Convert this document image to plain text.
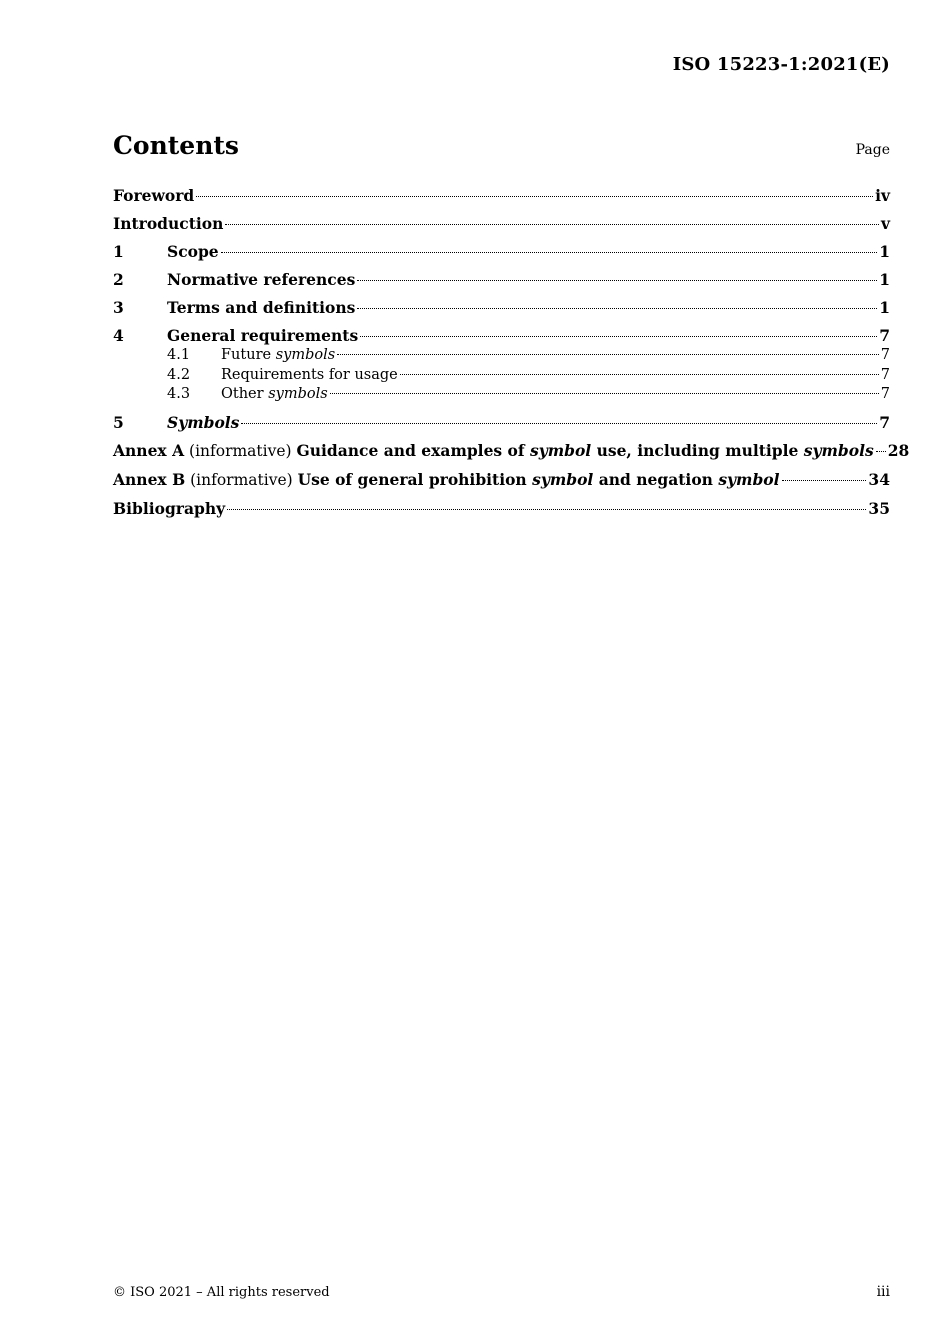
ISO 15223-1:2021(E)
Contents	Page
Foreword	iv
Introduction	v
1	Scope	1
2	Normative references	1
3	Terms and definitions	1
4	General requirements	7
4.1	Future symbols	7
4.2	Requirements for usage	7
4.3	Other symbols	7
5	Symbols	7
Annex A (informative) Guidance and examples of symbol use, including multiple symbols 28
Annex B (informative) Use of general prohibition symbol and negation symbol	34
Bibliography	35
© ISO 2021 – All rights reserved	iii
